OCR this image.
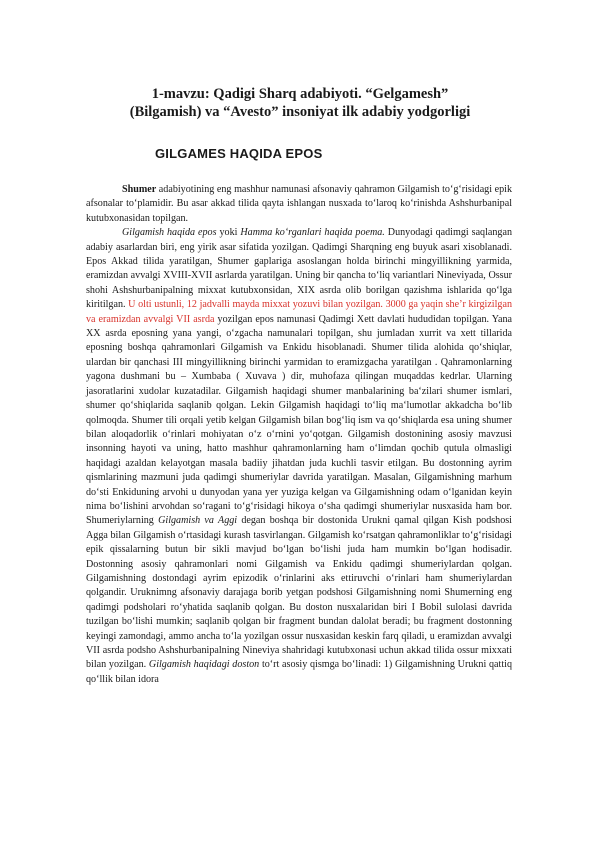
1-mavzu: Qadigi Sharq adabiyoti. “Gelgamesh”
(Bilgamish) va “Avesto” insoniyat ilk adabiy yodgorligi
GILGAMES HAQIDA EPOS

Shumer adabiyotining eng mashhur namunasi afsonaviy qahramon Gilgamish to‘g‘risidagi epik afsonalar to‘plamidir. Bu asar akkad tilida qayta ishlangan nusxada to‘laroq ko‘rinishda Ashshurbanipal kutubxonasidan topilgan.

Gilgamish haqida epos yoki Hamma ko‘rganlari haqida poema. Dunyodagi qadimgi saqlangan adabiy asarlardan biri, eng yirik asar sifatida yozilgan. Qadimgi Sharqning eng buyuk asari xisoblanadi. Epos Akkad tilida yaratilgan, Shumer gaplariga asoslangan holda birinchi mingyillikning yarmida, eramizdan avvalgi XVIII-XVII asrlarda yaratilgan. Uning bir qancha to‘liq variantlari Nineviyada, Ossur shohi Ashshurbanipalning mixxat kutubxonsidan, XIX asrda olib borilgan qazishma ishlarida qo‘lga kiritilgan. U olti ustunli, 12 jadvalli mayda mixxat yozuvi bilan yozilgan. 3000 ga yaqin she’r kirgizilgan va eramizdan avvalgi VII asrda yozilgan epos namunasi Qadimgi Xett davlati hududidan topilgan. Yana XX asrda eposning yana yangi, o‘zgacha namunalari topilgan, shu jumladan xurrit va xett tillarida eposning boshqa qahramonlari Gilgamish va Enkidu hisoblanadi. Shumer tilida alohida qo‘shiqlar, ulardan bir qanchasi III mingyillikning birinchi yarmidan to eramizgacha yaratilgan . Qahramonlarning yagona dushmani bu – Xumbaba ( Xuvava ) dir, muhofaza qilingan muqaddas kedrlar. Ularning jasoratlarini xudolar kuzatadilar. Gilgamish haqidagi shumer manbalarining ba‘zilari shumer ismlari, shumer qo‘shiqlarida saqlanib qolgan. Lekin Gilgamish haqidagi to‘liq ma‘lumotlar akkadcha bo‘lib qolmoqda. Shumer tili orqali yetib kelgan Gilgamish bilan bog‘liq ism va qo‘shiqlarda esa uning shumer bilan aloqadorlik o‘rinlari mohiyatan o‘z o‘rnini yo‘qotgan. Gilgamish dostonining asosiy mavzusi insonning hayoti va uning, hatto mashhur qahramonlarning ham o‘limdan qochib qutula olmasligi haqidagi azaldan kelayotgan masala badiiy jihatdan juda kuchli tasvir etilgan. Bu dostonning ayrim qismlarining mazmuni juda qadimgi shumeriylar davrida yaratilgan. Masalan, Gilgamishning marhum do‘sti Enkiduning arvohi u dunyodan yana yer yuziga kelgan va Gilgamishning odam o‘lganidan keyin nima bo‘lishini arvohdan so‘ragani to‘g‘risidagi hikoya o‘sha qadimgi shumeriylar nusxasida ham bor. Shumeriylarning Gilgamish va Aggi degan boshqa bir dostonida Urukni qamal qilgan Kish podshosi Agga bilan Gilgamish o‘rtasidagi kurash tasvirlangan. Gilgamish ko‘rsatgan qahramonliklar to‘g‘risidagi epik qissalarning butun bir sikli mavjud bo‘lgan bo‘lishi juda ham mumkin bo‘lgan hodisadir. Dostonning asosiy qahramonlari nomi Gilgamish va Enkidu qadimgi shumeriylardan qolgan. Gilgamishning dostondagi ayrim epizodik o‘rinlarini aks ettiruvchi o‘rinlari ham shumeriylardan qolgandir. Uruknimng afsonaviy darajaga borib yetgan podshosi Gilgamishning nomi Shumerning eng qadimgi podsholari ro‘yhatida saqlanib qolgan. Bu doston nusxalaridan biri I Bobil sulolasi davrida tuzilgan bo‘lishi mumkin; saqlanib qolgan bir fragment bundan dalolat beradi; bu fragment dostonning keyingi zamondagi, ammo ancha to‘la yozilgan ossur nusxasidan keskin farq qiladi, u eramizdan avvalgi VII asrda podsho Ashshurbanipalning Nineviya shahridagi kutubxonasi uchun akkad tilida ossur mixxati bilan yozilgan. Gilgamish haqidagi doston to‘rt asosiy qismga bo‘linadi: 1) Gilgamishning Urukni qattiq qo‘llik bilan idora
